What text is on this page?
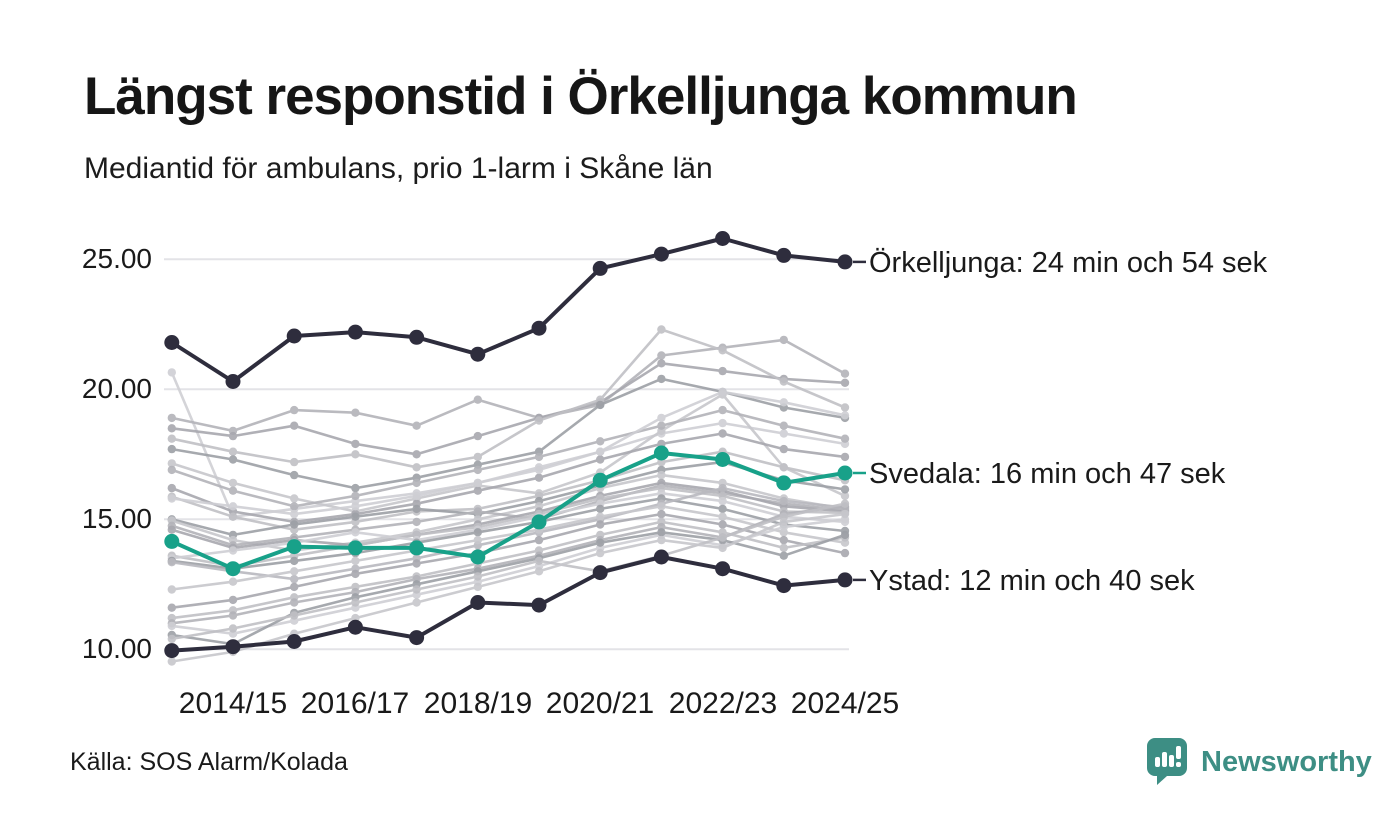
25.00
20.00
15.00
10.00
2014/15 2016/17 2018/19 2020/21 2022/23 2024/25
Örkelljunga: 24 min och 54 sek
Svedala: 16 min och 47 sek
Ystad: 12 min och 40 sek
Längst responstid i Örkelljunga kommun
Mediantid för ambulans, prio 1-larm i Skåne län
Källa: SOS Alarm/Kolada	Newsworthy
